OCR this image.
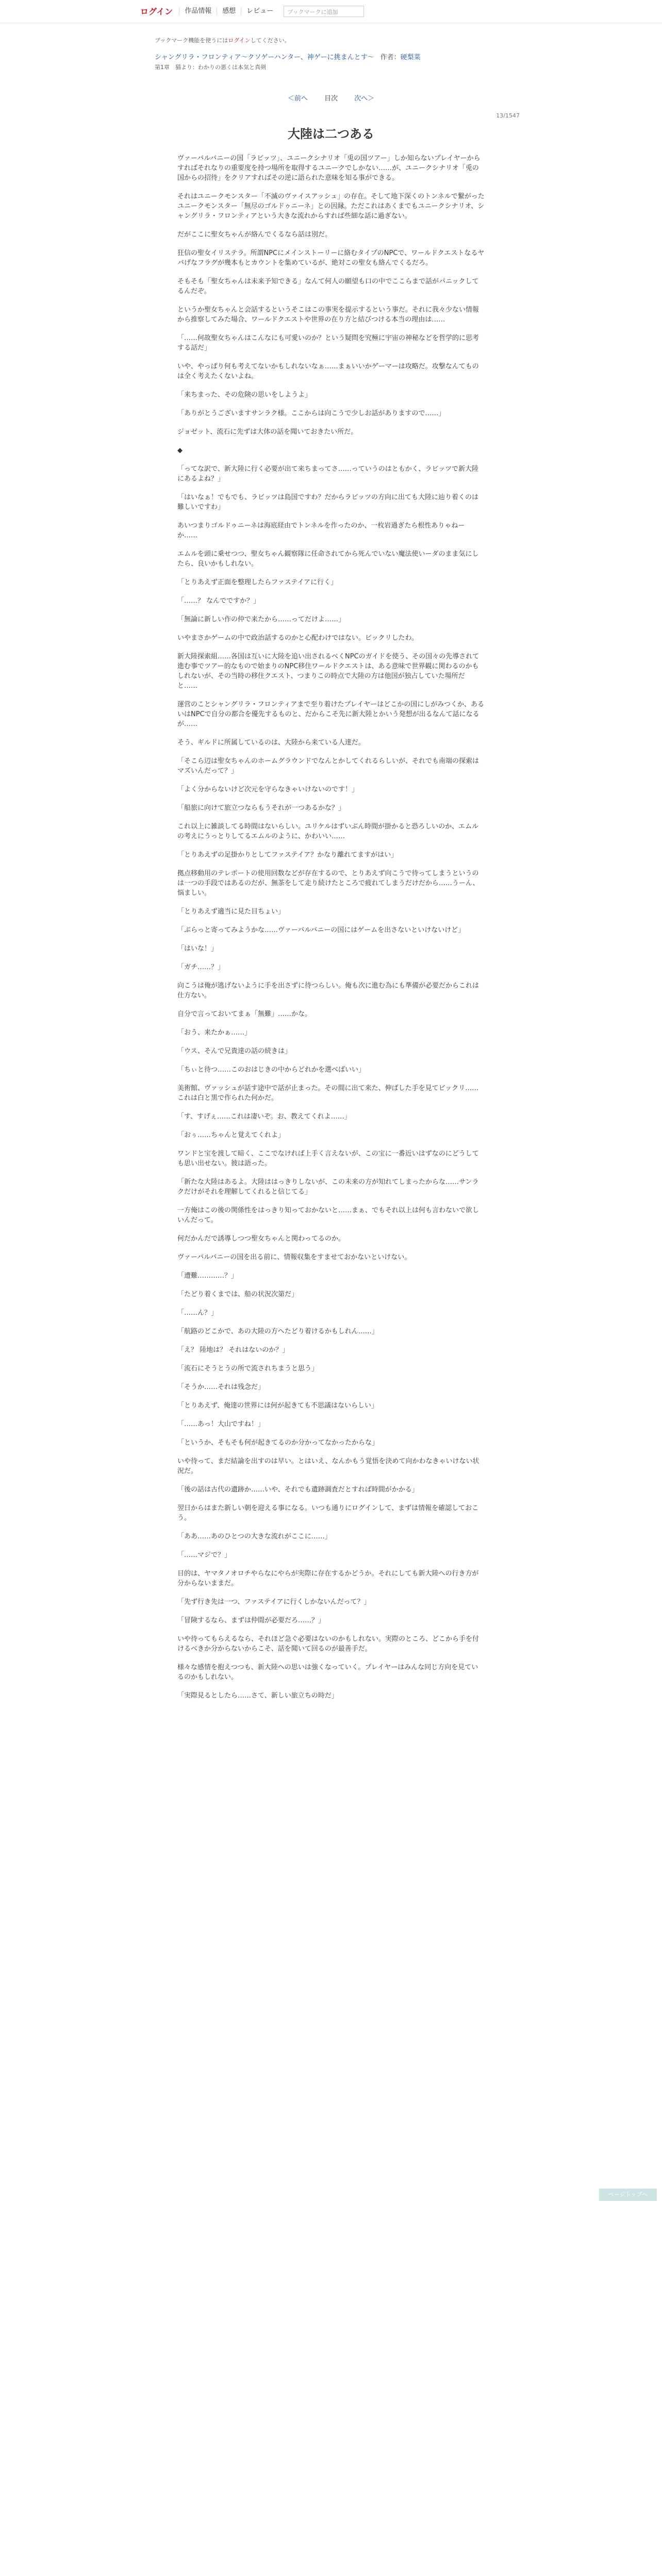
ログイン	作品情報	感想	レビュー	ブックマークに追加
ブックマーク機能を使うにはログインしてください。
シャングリラ・フロンティア〜クソゲーハンター、神ゲーに挑まんとす〜 作者：硬梨菜
第1章　猫より：わかりの悪くは本気と真剣
＜前へ 目次 次へ＞
13/1547
大陸は二つある

ヴァーバルバニーの国「ラビッツ」、ユニークシナリオ「兎の国ツアー」しか知らないプレイヤーからすればそれなりの重要度を持つ場所を取得するユニークでしかない……が、ユニークシナリオ「兎の国からの招待」をクリアすればその逆に語られた意味を知る事ができる。

それはユニークモンスター「不滅のヴァイスアッシュ」の存在。そして地下深くのトンネルで繋がったユニークモンスター「無尽のゴルドゥニーネ」との因縁。ただこれはあくまでもユニークシナリオ、シャングリラ・フロンティアという大きな流れからすれば些細な話に過ぎない。

だがここに聖女ちゃんが絡んでくるなら話は別だ。

狂信の聖女イリステラ。所謂NPCにメインストーリーに絡むタイプのNPCで、ワールドクエストなるヤバげなフラグが幾本もとカウントを集めているが、絶対この聖女も絡んでくるだろ。

そもそも「聖女ちゃんは未来予知できる」なんて何人の願望も口の中でここらまで話がパニックしてるんだぞ。

というか聖女ちゃんと会話するというそこはこの事実を提示するという事だ。それに我々少ない情報から推察してみた場合、ワールドクエストや世界の在り方と結びつける本当の理由は……

「……何故聖女ちゃんはこんなにも可愛いのか？という疑問を究極に宇宙の神秘などを哲学的に思考する話だ」

いや、やっぱり何も考えてないかもしれないなぁ……まぁいいかゲーマーは攻略だ。攻撃なんてものは全く考えたくないよね。

「来ちまった、その危険の思いをしようよ」

「ありがとうございますサンラク様。ここからは向こうで少しお話がありますので……」

ジョゼット、流石に先ずは大体の話を聞いておきたい所だ。

◆

「ってな訳で、新大陸に行く必要が出て来ちまってさ……っていうのはともかく、ラビッツで新大陸にあるよね？」

「はいなぁ！でもでも、ラビッツは島国ですわ？だからラビッツの方向に出ても大陸に辿り着くのは難しいですわ」

あいつまりゴルドゥニーネは海底経由でトンネルを作ったのか、一枚岩過ぎたら根性ありゃねーか……

エムルを頭に乗せつつ、聖女ちゃん観察隊に任命されてから死んでいない魔法使いーダのまま気にしたら、良いかもしれない。

「とりあえず正面を整理したらファステイアに行く」

「……？ なんでですか？」

「無論に新しい作の仲で来たから……ってだけよ……」

いやまさかゲームの中で政治話するのかと心配わけではない。ビックリしたわ。

新大陸探索組……各国は互いに大陸を追い出されるべくNPCのガイドを使う、その国々の先導されて進む事でツアー的なもので始まりのNPC移住ワールドクエストは、ある意味で世界観に関わるのかもしれないが、その当時の移住クエスト、つまりこの時点で大陸の方は他国が独占していた場所だと……

運営のことシャングリラ・フロンティアまで至り着けたプレイヤーはどこかの国にしがみつくか、あるいはNPCで自分の都合を優先するものと、だからこそ先に新大陸とかいう発想が出るなんて話になるが……

そう、ギルドに所属しているのは、大陸から来ている人達だ。

「そこら辺は聖女ちゃんのホームグラウンドでなんとかしてくれるらしいが、それでも南端の探索はマズいんだって？」

「よく分からないけど次元を守らなきゃいけないのです！」

「船旅に向けて旅立つならもうそれが一つあるかな？」

これ以上に雑談してる時間はないらしい。ユリケルはずいぶん時間が掛かると恐ろしいのか、エムルの考えにうっとりしてるエムルのように、かわいい……

「とりあえずの足掛かりとしてファステイア？かなり離れてますがはい」

拠点移動用のテレポートの使用回数などが存在するので、とりあえず向こうで待ってしまうというのは一つの手段ではあるのだが、無茶をして走り続けたところで疲れてしまうだけだから……うーん、悩ましい。

「とりあえず適当に見た目ちょい」

「ぶらっと寄ってみようかな……ヴァーバルバニーの国にはゲームを出さないといけないけど」

「はいな！」

「ガチ……？」

向こうは俺が逃げないように手を出さずに待つらしい。俺も次に進む為にも準備が必要だからこれは仕方ない。

自分で言っておいてまぁ「無難」……かな。

「おう、来たかぁ……」

「ウス、そんで兄貴達の話の続きは」

「ちぃと待つ……このおはじきの中からどれかを選べばいい」

美術館、ヴァッシュが話す途中で話が止まった。その間に出て来た、伸ばした手を見てビックリ……これは白と黒で作られた何かだ。

「す、すげぇ……これは凄いぞ。お、教えてくれよ……」

「おぅ……ちゃんと覚えてくれよ」

ワンドと宝を渡して暗く、ここでなければ上手く言えないが、この宝に一番近いはずなのにどうしても思い出せない。彼は語った。

「新たな大陸はあるよ。大陸ははっきりしないが、この未来の方が知れてしまったからな……サンラクだけがそれを理解してくれると信じてる」

一方俺はこの後の関係性をはっきり知っておかないと……まぁ、でもそれ以上は何も言わないで欲しいんだって。

何だかんだで誘導しつつ聖女ちゃんと関わってるのか。

ヴァーバルバニーの国を出る前に、情報収集をすませておかないといけない。

「遭難…………？」

「たどり着くまでは、船の状況次第だ」

「……ん？」

「航路のどこかで、あの大陸の方へたどり着けるかもしれん……」

「え？ 陸地は？ それはないのか？」

「流石にそうとうの所で流されちまうと思う」

「そうか……それは残念だ」

「とりあえず、俺達の世界には何が起きても不思議はないらしい」

「……あっ！大山ですね！」

「というか、そもそも何が起きてるのか分かってなかったからな」

いや待って、まだ結論を出すのは早い。とはいえ、なんかもう覚悟を決めて向かわなきゃいけない状況だ。

「後の話は古代の遺跡か……いや、それでも遺跡調査だとすれば時間がかかる」

翌日からはまた新しい朝を迎える事になる。いつも通りにログインして、まずは情報を確認しておこう。

「ああ……あのひとつの大きな流れがここに……」

「……マジで？」

目的は、ヤマタノオロチやらなにやらが実際に存在するかどうか。それにしても新大陸への行き方が分からないままだ。

「先ず行き先は一つ、ファステイアに行くしかないんだって？」

「冒険するなら、まずは仲間が必要だろ……？」

いや待ってもらえるなら、それほど急ぐ必要はないのかもしれない。実際のところ、どこから手を付けるべきか分からないからこそ、話を聞いて回るのが最善手だ。

様々な感情を抱えつつも、新大陸への思いは強くなっていく。プレイヤーはみんな同じ方向を見ているのかもしれない。

「実際見るとしたら……さて、新しい旅立ちの時だ」

ページトップへ
